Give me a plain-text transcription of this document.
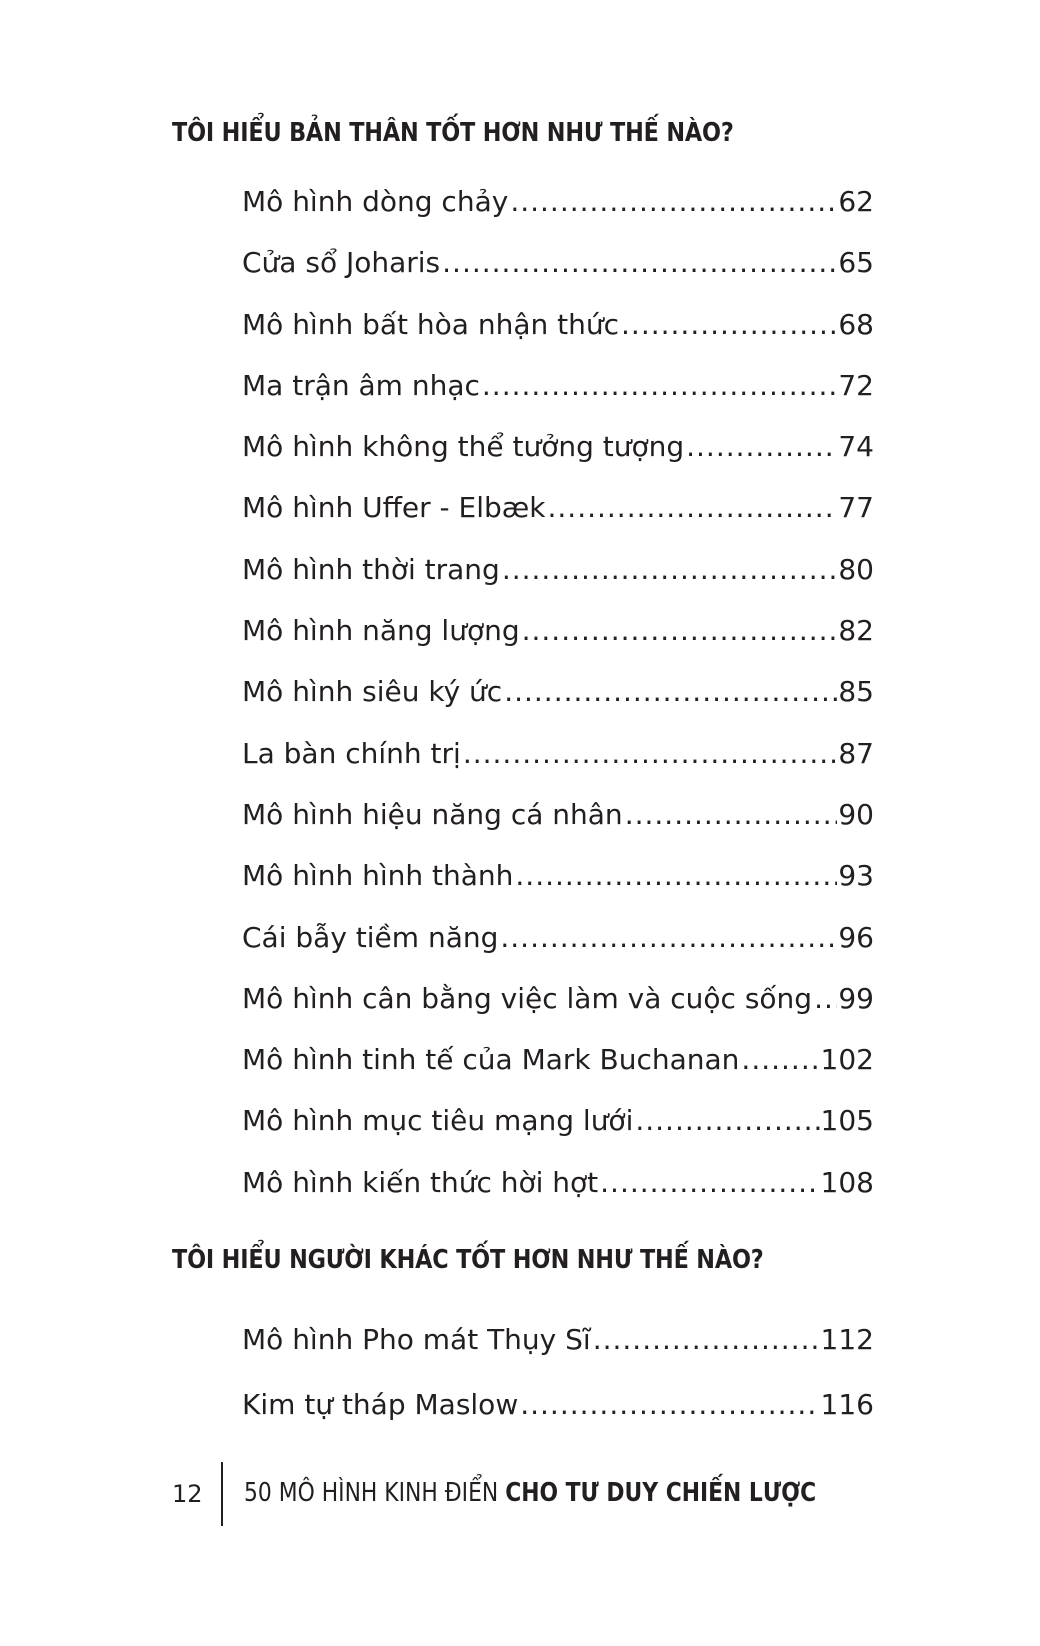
TÔI HIỂU BẢN THÂN TỐT HƠN NHƯ THẾ NÀO?
Mô hình dòng chảy .....	62
Cửa sổ Joharis .....	65
Mô hình bất hòa nhận thức .....	68
Ma trận âm nhạc .....	72
Mô hình không thể tưởng tượng .....	74
Mô hình Uffer - Elbæk .....	77
Mô hình thời trang .....	80
Mô hình năng lượng .....	82
Mô hình siêu ký ức .....	85
La bàn chính trị .....	87
Mô hình hiệu năng cá nhân .....	90
Mô hình hình thành .....	93
Cái bẫy tiềm năng .....	96
Mô hình cân bằng việc làm và cuộc sống ..... 99
Mô hình tinh tế của Mark Buchanan .....	102
Mô hình mục tiêu mạng lưới .....	105
Mô hình kiến thức hời hợt .....	108
TÔI HIỂU NGƯỜI KHÁC TỐT HƠN NHƯ THẾ NÀO?
Mô hình Pho mát Thụy Sĩ .....	112
Kim tự tháp Maslow .....	116
12 50 MÔ HÌNH KINH ĐIỂN CHO TƯ DUY CHIẾN LƯỢC
